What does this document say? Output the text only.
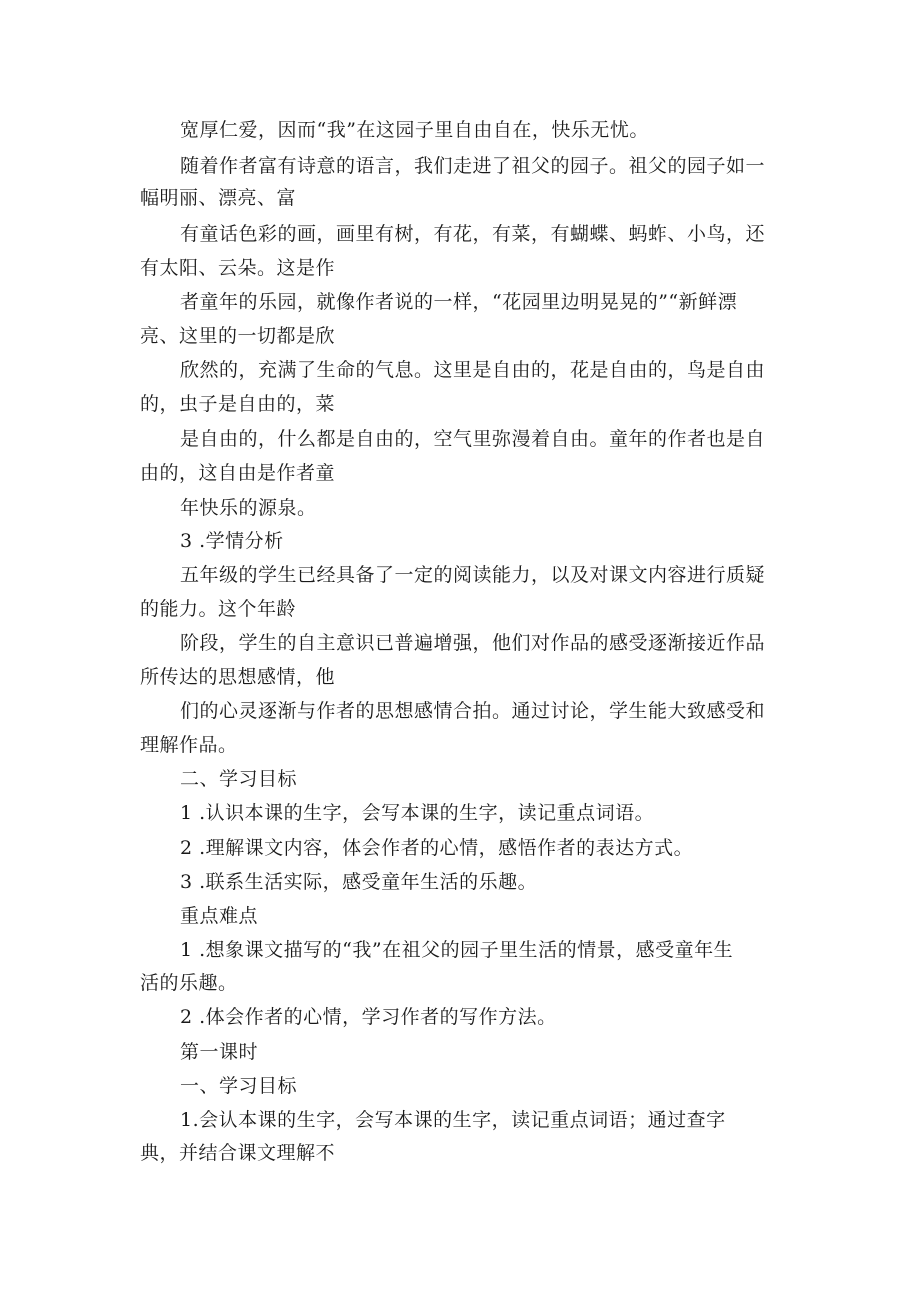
宽厚仁爱，因而“我”在这园子里自由自在，快乐无忧。
随着作者富有诗意的语言，我们走进了祖父的园子。祖父的园子如一
幅明丽、漂亮、富
有童话色彩的画，画里有树，有花，有菜，有蝴蝶、蚂蚱、小鸟，还
有太阳、云朵。这是作
者童年的乐园，就像作者说的一样，“花园里边明晃晃的”“新鲜漂
亮、这里的一切都是欣
欣然的，充满了生命的气息。这里是自由的，花是自由的，鸟是自由
的，虫子是自由的，菜
是自由的，什么都是自由的，空气里弥漫着自由。童年的作者也是自
由的，这自由是作者童
年快乐的源泉。
3 .学情分析
五年级的学生已经具备了一定的阅读能力，以及对课文内容进行质疑
的能力。这个年龄
阶段，学生的自主意识已普遍增强，他们对作品的感受逐渐接近作品
所传达的思想感情，他
们的心灵逐渐与作者的思想感情合拍。通过讨论，学生能大致感受和
理解作品。
二、学习目标
1 .认识本课的生字，会写本课的生字，读记重点词语。
2 .理解课文内容，体会作者的心情，感悟作者的表达方式。
3 .联系生活实际，感受童年生活的乐趣。
重点难点
1 .想象课文描写的“我”在祖父的园子里生活的情景，感受童年生
活的乐趣。
2 .体会作者的心情，学习作者的写作方法。
第一课时
一、学习目标
1.会认本课的生字，会写本课的生字，读记重点词语；通过查字
典，并结合课文理解不
